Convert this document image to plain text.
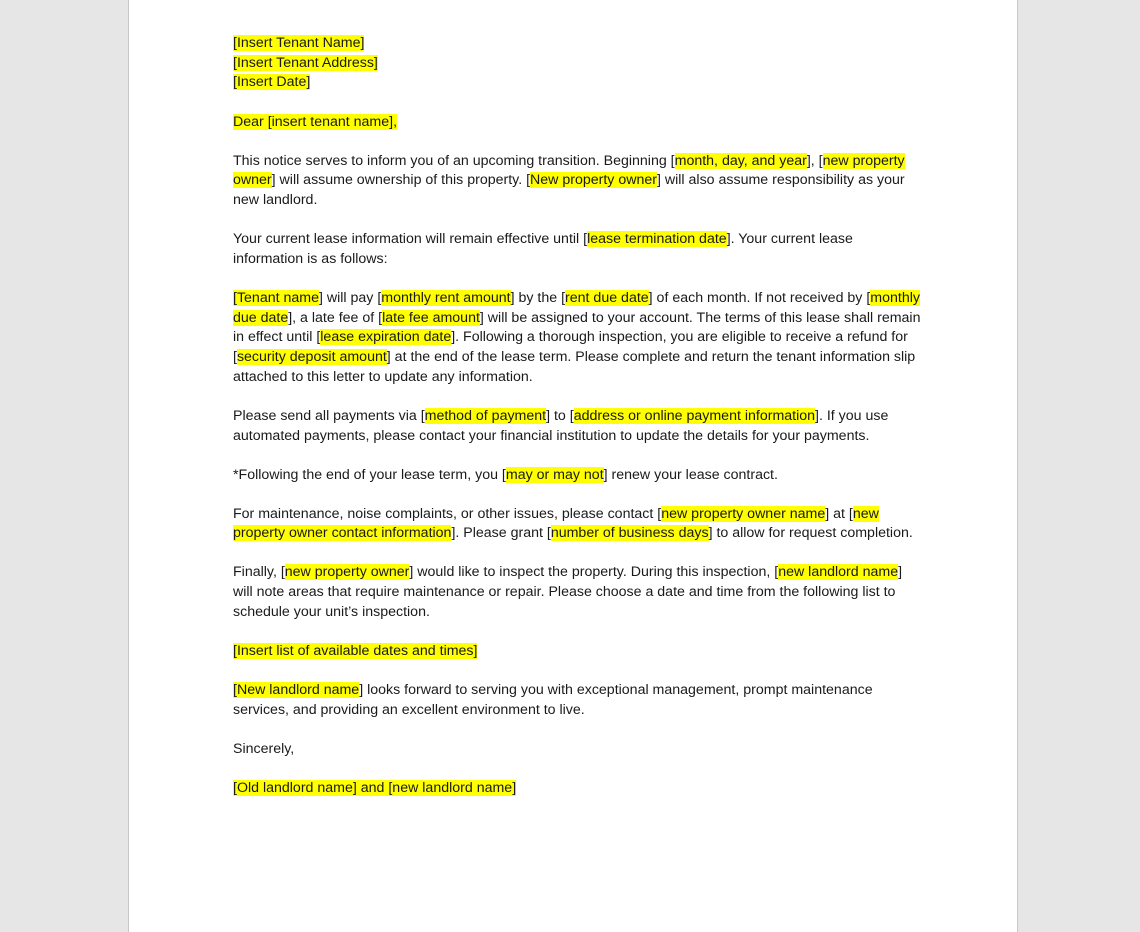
[Insert Tenant Name]
[Insert Tenant Address]
[Insert Date]

Dear [insert tenant name],

This notice serves to inform you of an upcoming transition. Beginning [month, day, and year], [new property owner] will assume ownership of this property. [New property owner] will also assume responsibility as your new landlord.

Your current lease information will remain effective until [lease termination date]. Your current lease information is as follows:

[Tenant name] will pay [monthly rent amount] by the [rent due date] of each month. If not received by [monthly due date], a late fee of [late fee amount] will be assigned to your account. The terms of this lease shall remain in effect until [lease expiration date]. Following a thorough inspection, you are eligible to receive a refund for [security deposit amount] at the end of the lease term. Please complete and return the tenant information slip attached to this letter to update any information.

Please send all payments via [method of payment] to [address or online payment information]. If you use automated payments, please contact your financial institution to update the details for your payments.

*Following the end of your lease term, you [may or may not] renew your lease contract.

For maintenance, noise complaints, or other issues, please contact [new property owner name] at [new property owner contact information]. Please grant [number of business days] to allow for request completion.

Finally, [new property owner] would like to inspect the property. During this inspection, [new landlord name] will note areas that require maintenance or repair. Please choose a date and time from the following list to schedule your unit’s inspection.

[Insert list of available dates and times]

[New landlord name] looks forward to serving you with exceptional management, prompt maintenance services, and providing an excellent environment to live.

Sincerely,

[Old landlord name] and [new landlord name]
